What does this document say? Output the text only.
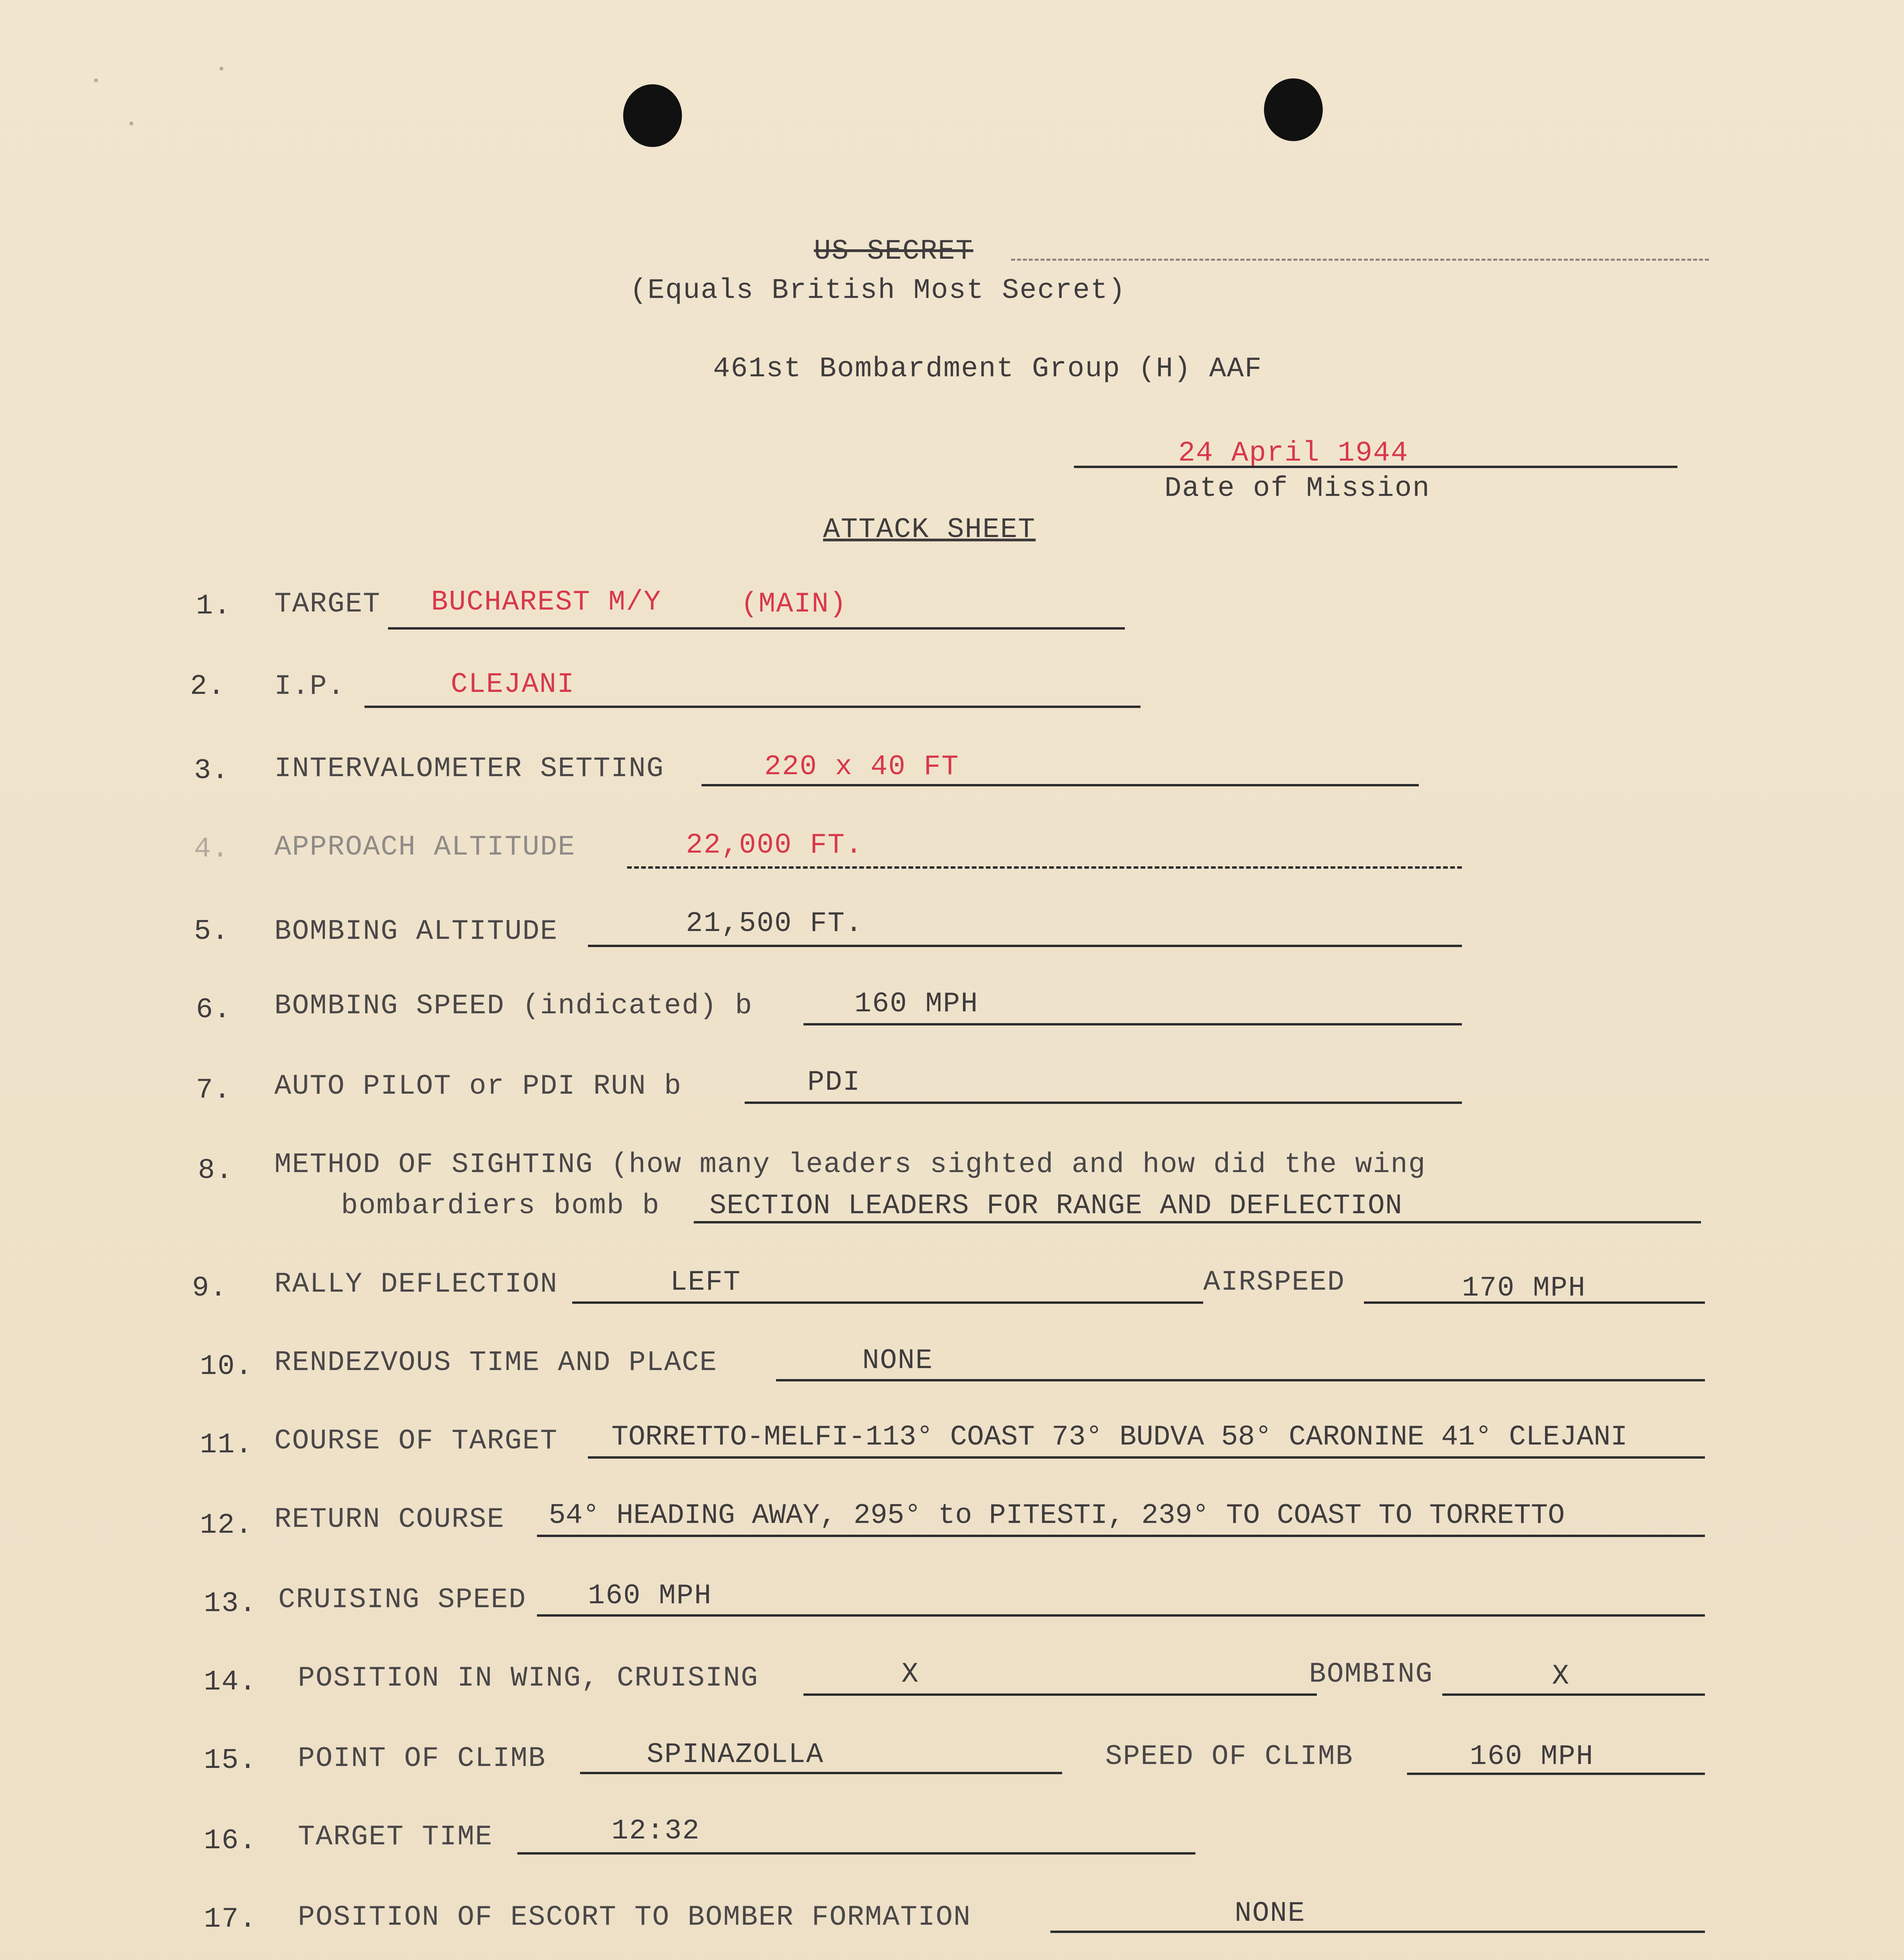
US SECRET
(Equals British Most Secret)
461st Bombardment Group (H) AAF
24 April 1944
Date of Mission
ATTACK SHEET
1. TARGET BUCHAREST M/Y	(MAIN)
2. I.P.	CLEJANI
3. INTERVALOMETER SETTING	220 x 40 FT
4. APPROACH ALTITUDE	22,000 FT.
5. BOMBING ALTITUDE	21,500 FT.
6. BOMBING SPEED (indicated) b	160 MPH
7. AUTO PILOT or PDI RUN b	PDI
8. METHOD OF SIGHTING (how many leaders sighted and how did the wing
bombardiers bomb b SECTION LEADERS FOR RANGE AND DEFLECTION
9. RALLY DEFLECTION	LEFT	AIRSPEED	170 MPH
10. RENDEZVOUS TIME AND PLACE	NONE
11. COURSE OF TARGET TORRETTO-MELFI-113° COAST 73° BUDVA 58° CARONINE 41° CLEJANI
12. RETURN COURSE 54° HEADING AWAY, 295° to PITESTI, 239° TO COAST TO TORRETTO
13. CRUISING SPEED 160 MPH
14. POSITION IN WING, CRUISING	X	BOMBING	X
15. POINT OF CLIMB	SPINAZOLLA	SPEED OF CLIMB	160 MPH
16. TARGET TIME	12:32
17. POSITION OF ESCORT TO BOMBER FORMATION	NONE
